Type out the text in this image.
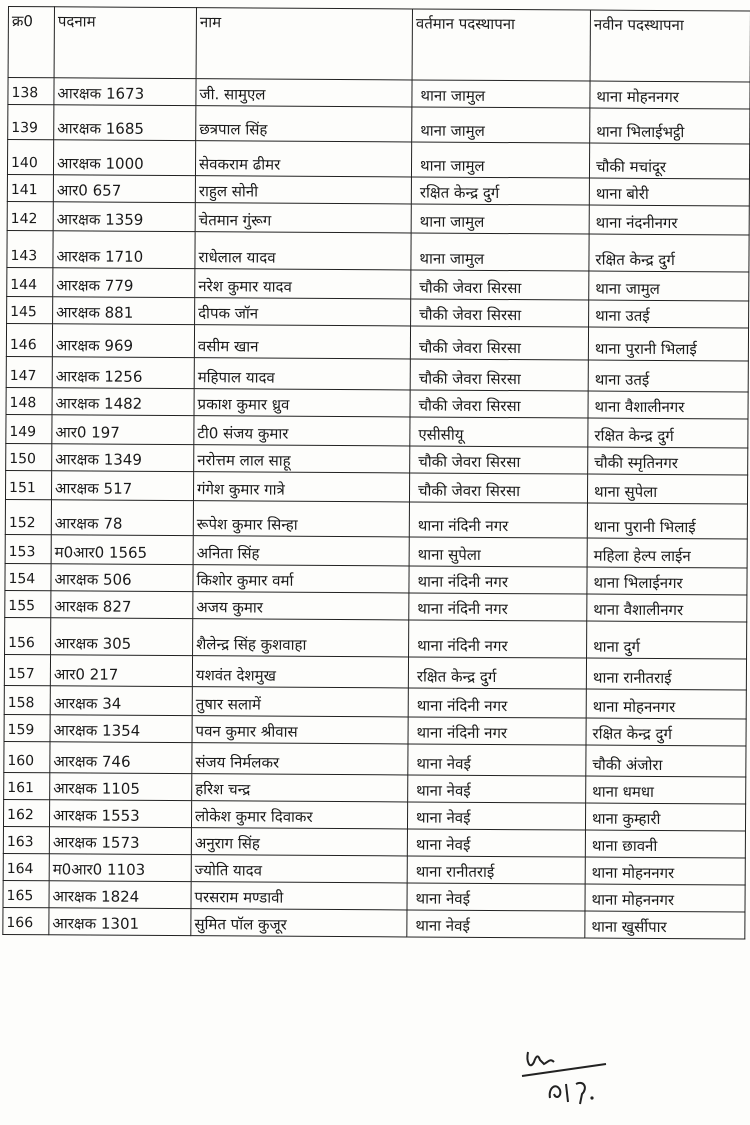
क्र0	पदनाम	नाम	वर्तमान पदस्थापना	नवीन पदस्थापना
138	आरक्षक 1673	जी. सामुएल	थाना जामुल	थाना मोहननगर
139	आरक्षक 1685	छत्रपाल सिंह	थाना जामुल	थाना भिलाईभट्ठी
140	आरक्षक 1000	सेवकराम ढीमर	थाना जामुल	चौकी मचांदूर
141	आर0 657	राहुल सोनी	रक्षित केन्द्र दुर्ग	थाना बोरी
142	आरक्षक 1359	चेतमान गुंरूग	थाना जामुल	थाना नंदनीनगर
143	आरक्षक 1710	राधेलाल यादव	थाना जामुल	रक्षित केन्द्र दुर्ग
144	आरक्षक 779	नरेश कुमार यादव	चौकी जेवरा सिरसा	थाना जामुल
145	आरक्षक 881	दीपक जॉन	चौकी जेवरा सिरसा	थाना उतई
146	आरक्षक 969	वसीम खान	चौकी जेवरा सिरसा	थाना पुरानी भिलाई
147	आरक्षक 1256	महिपाल यादव	चौकी जेवरा सिरसा	थाना उतई
148	आरक्षक 1482	प्रकाश कुमार ध्रुव	चौकी जेवरा सिरसा	थाना वैशालीनगर
149	आर0 197	टी0 संजय कुमार	एसीसीयू	रक्षित केन्द्र दुर्ग
150	आरक्षक 1349	नरोत्तम लाल साहू	चौकी जेवरा सिरसा	चौकी स्मृतिनगर
151	आरक्षक 517	गंगेश कुमार गात्रे	चौकी जेवरा सिरसा	थाना सुपेला
152	आरक्षक 78	रूपेश कुमार सिन्हा	थाना नंदिनी नगर	थाना पुरानी भिलाई
153	म0आर0 1565	अनिता सिंह	थाना सुपेला	महिला हेल्प लाईन
154	आरक्षक 506	किशोर कुमार वर्मा	थाना नंदिनी नगर	थाना भिलाईनगर
155	आरक्षक 827	अजय कुमार	थाना नंदिनी नगर	थाना वैशालीनगर
156	आरक्षक 305	शैलेन्द्र सिंह कुशवाहा	थाना नंदिनी नगर	थाना दुर्ग
157	आर0 217	यशवंत देशमुख	रक्षित केन्द्र दुर्ग	थाना रानीतराई
158	आरक्षक 34	तुषार सलामें	थाना नंदिनी नगर	थाना मोहननगर
159	आरक्षक 1354	पवन कुमार श्रीवास	थाना नंदिनी नगर	रक्षित केन्द्र दुर्ग
160	आरक्षक 746	संजय निर्मलकर	थाना नेवई	चौकी अंजोरा
161	आरक्षक 1105	हरिश चन्द्र	थाना नेवई	थाना धमधा
162	आरक्षक 1553	लोकेश कुमार दिवाकर	थाना नेवई	थाना कुम्हारी
163	आरक्षक 1573	अनुराग सिंह	थाना नेवई	थाना छावनी
164	म0आर0 1103	ज्योति यादव	थाना रानीतराई	थाना मोहननगर
165	आरक्षक 1824	परसराम मण्डावी	थाना नेवई	थाना मोहननगर
166	आरक्षक 1301	सुमित पॉल कुजूर	थाना नेवई	थाना खुर्सीपार
